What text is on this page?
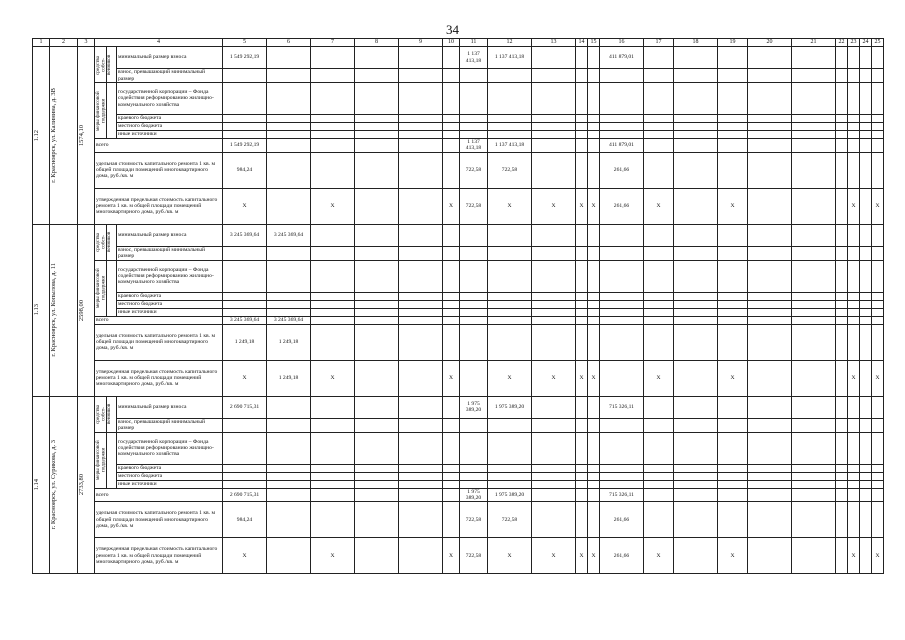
34
1	2	3	4			5	6	7	8	9	10	11	12	13	14	15	16	17	18	19	20	21	22	23	24	25

1.12	г. Красноярск, ул. Калинина, д. 3В	1574,10	средства собст-венников		минимальный размер взноса	1 549 292,19						1 137 413,18	1 137 413,18				411 879,01									
					взнос, превышающий минимальный размер																					

			меры финансовой поддержки		государственной корпорации – Фонда содействия реформированию жилищно-коммунального хозяйства																					
					краевого бюджета																					
					местного бюджета																					
					иные источники																					
			всего			1 549 292,19						1 137 413,18	1 137 413,18				411 879,01									
			удельная стоимость капитального ремонта 1 кв. м общей площади помещений многоквартирного дома, руб./кв. м			984,24						722,58	722,58				261,66									
			утвержденная предельная стоимость капитального ремонта 1 кв. м общей площади помещений многоквартирного дома, руб./кв. м			X		X			X	722,58	X	X	X	X	261,66	X		X				X		X

1.13	г. Красноярск, ул. Копылова, д. 11	2598,00	средства собст-венников		минимальный размер взноса	3 245 369,64	3 245 369,64																			
					взнос, превышающий минимальный размер																					

			меры финансовой поддержки		государственной корпорации – Фонда содействия реформированию жилищно-коммунального хозяйства																					
					краевого бюджета																					
					местного бюджета																					
					иные источники																					
			всего			3 245 369,64	3 245 369,64																			
			удельная стоимость капитального ремонта 1 кв. м общей площади помещений многоквартирного дома, руб./кв. м			1 249,18	1 249,18																			
			утвержденная предельная стоимость капитального ремонта 1 кв. м общей площади помещений многоквартирного дома, руб./кв. м			X	1 249,18	X			X		X	X	X	X		X		X				X		X

1.14	г. Красноярск, ул. Сурикова, д. 3	2733,80	средства собст-венников		минимальный размер взноса	2 690 715,31						1 975 389,20	1 975 389,20				715 326,11									
					взнос, превышающий минимальный размер																					

			меры финансовой поддержки		государственной корпорации – Фонда содействия реформированию жилищно-коммунального хозяйства																					
					краевого бюджета																					
					местного бюджета																					
					иные источники																					
			всего			2 690 715,31						1 975 389,20	1 975 389,20				715 326,11									
			удельная стоимость капитального ремонта 1 кв. м общей площади помещений многоквартирного дома, руб./кв. м			984,24						722,58	722,58				261,66									
			утвержденная предельная стоимость капитального ремонта 1 кв. м общей площади помещений многоквартирного дома, руб./кв. м			X		X			X	722,58	X	X	X	X	261,66	X		X				X		X
